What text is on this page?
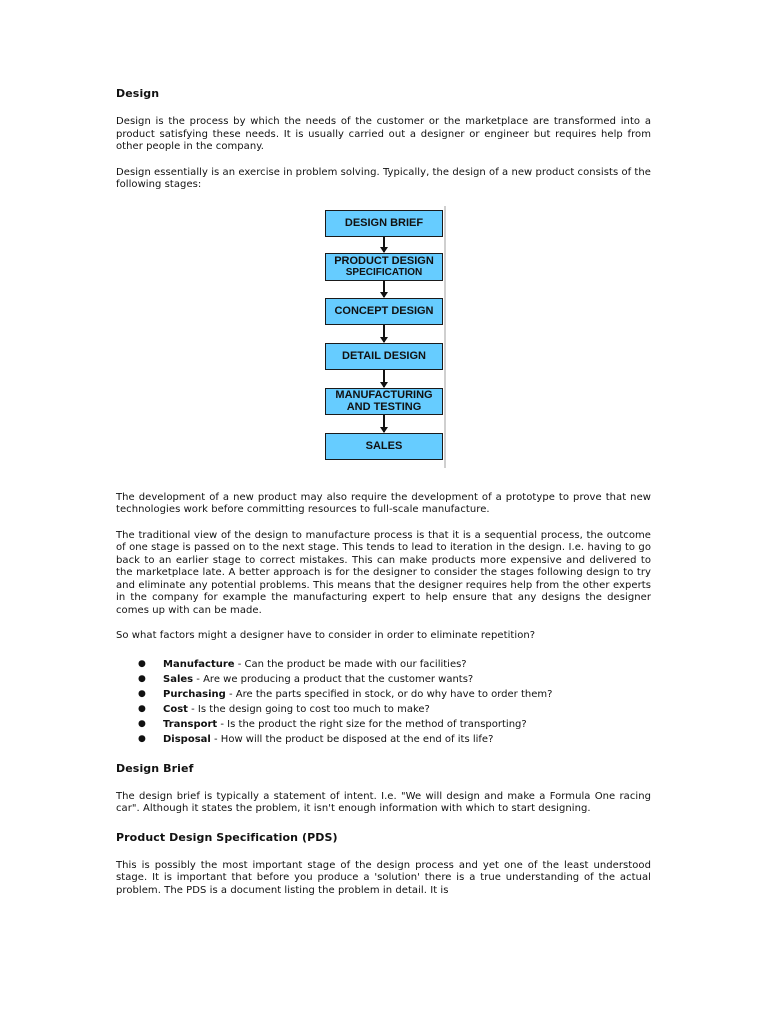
Design

Design is the process by which the needs of the customer or the marketplace are transformed into a product satisfying these needs. It is usually carried out a designer or engineer but requires help from other people in the company.

Design essentially is an exercise in problem solving. Typically, the design of a new product consists of the following stages:

DESIGN BRIEF
PRODUCT DESIGN
SPECIFICATION
CONCEPT DESIGN
DETAIL DESIGN
MANUFACTURING
AND TESTING
SALES

The development of a new product may also require the development of a prototype to prove that new technologies work before committing resources to full-scale manufacture.

The traditional view of the design to manufacture process is that it is a sequential process, the outcome of one stage is passed on to the next stage. This tends to lead to iteration in the design. I.e. having to go back to an earlier stage to correct mistakes. This can make products more expensive and delivered to the marketplace late. A better approach is for the designer to consider the stages following design to try and eliminate any potential problems. This means that the designer requires help from the other experts in the company for example the manufacturing expert to help ensure that any designs the designer comes up with can be made.

So what factors might a designer have to consider in order to eliminate repetition?

● Manufacture - Can the product be made with our facilities?
● Sales - Are we producing a product that the customer wants?
● Purchasing - Are the parts specified in stock, or do why have to order them?
● Cost - Is the design going to cost too much to make?
● Transport - Is the product the right size for the method of transporting?
● Disposal - How will the product be disposed at the end of its life?
Design Brief

The design brief is typically a statement of intent. I.e. "We will design and make a Formula One racing car". Although it states the problem, it isn't enough information with which to start designing.

Product Design Specification (PDS)

This is possibly the most important stage of the design process and yet one of the least understood stage. It is important that before you produce a 'solution' there is a true understanding of the actual problem. The PDS is a document listing the problem in detail. It is
